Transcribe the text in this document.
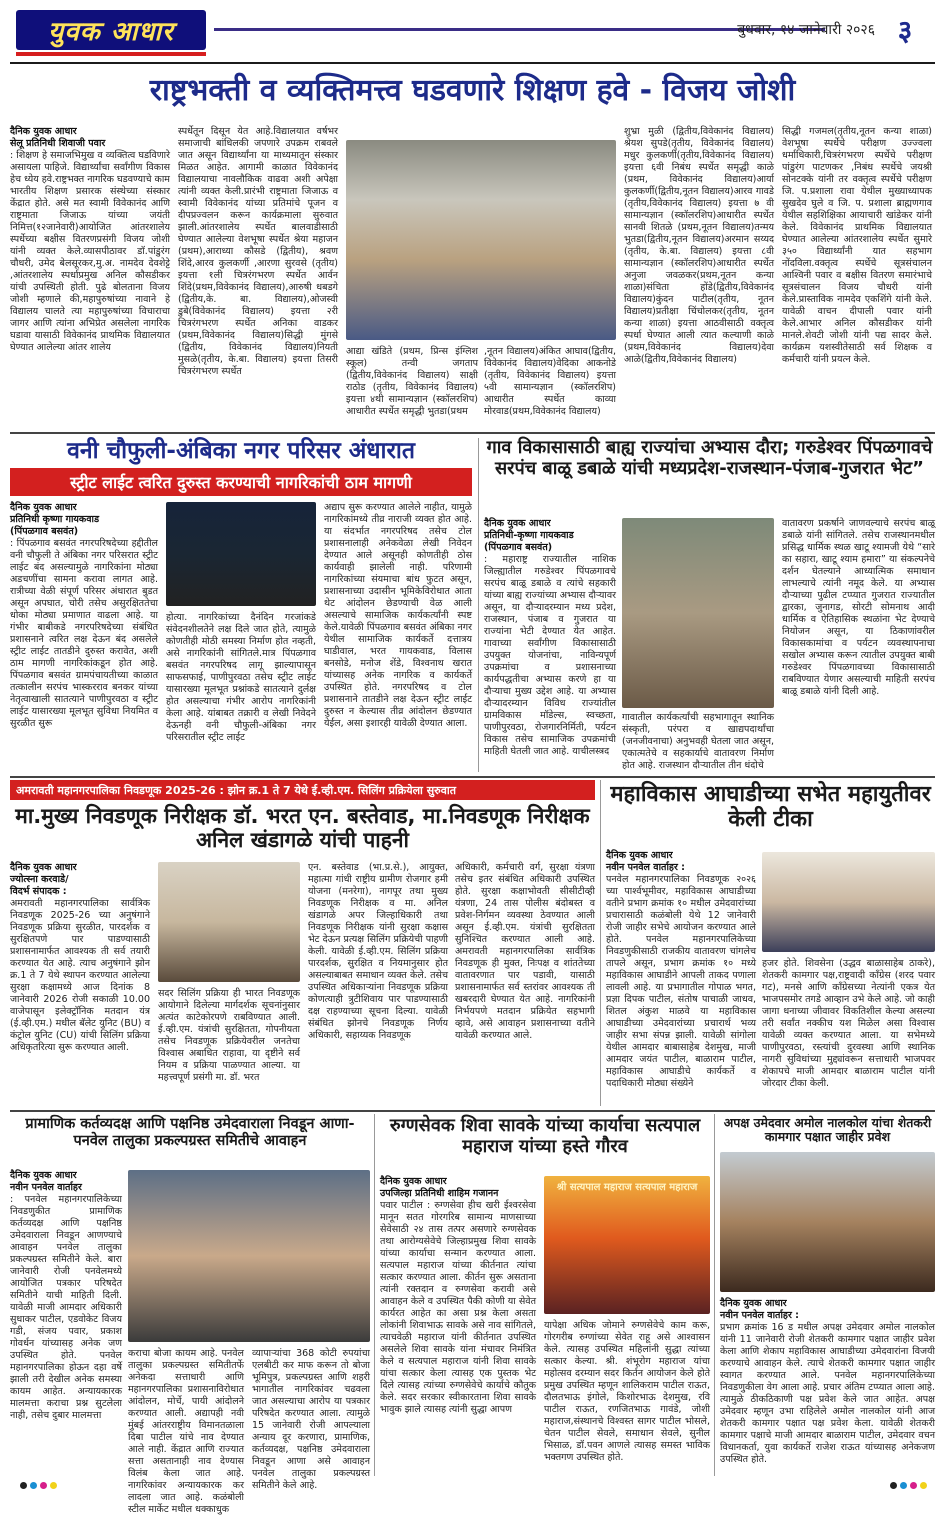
युवक आधार	बुधवार, १४ जानेवारी २०२६ ३
राष्ट्रभक्ती व व्यक्तिमत्त्व घडवणारे शिक्षण हवे - विजय जोशी
दैनिक युवक आधार
सेलू प्रतिनिधी शिवाजी पवार
: शिक्षण हे समाजभिमुख व व्यक्तित्व घडविणारे असायला पाहिजे. विद्यार्थ्यांचा सर्वांगीण विकास हेच ध्येय हवे.राष्ट्रभक्त नागरिक घडवण्याचे काम भारतीय शिक्षण प्रसारक संस्थेच्या संस्कार केंद्रात होते. असे मत स्वामी विवेकानंद आणि राष्ट्रमाता जिजाऊ यांच्या जयंती निमित्त(१२जानेवारी)आयोजित आंतरशालेय स्पर्धेच्या बक्षीस वितरणप्रसंगी विजय जोशी यांनी व्यक्त केले.व्यासपीठावर डॉ.पांडुरंग चौधरी, उमेद बेलसूरकर,मु.अ. नामदेव देवशेट्टे ,आंतरशालेय स्पर्धाप्रमुख अनिल कौसडीकर यांची उपस्थिती होती. पुढे बोलताना विजय जोशी म्हणाले की,महापुरुषांच्या नावाने हे विद्यालय चालते त्या महापुरुषांच्या विचाराचा जागर आणि त्यांना अभिप्रेत असलेला नागरिक घडावा यासाठी विवेकानंद प्राथमिक विद्यालयात घेण्यात आलेल्या आंतर शालेय
स्पर्धेतून दिसून येत आहे.विद्यालयात वर्षभर समाजाची बांधिलकी जपणारे उपक्रम राबवले जात असून विद्यार्थ्यांना या माध्यमातून संस्कार मिळत आहेत. आगामी काळात विवेकानंद विद्यालयाचा नावलौकिक वाढवा अशी अपेक्षा त्यांनी व्यक्त केली.प्रारंभी राष्ट्रमाता जिजाऊ व स्वामी विवेकानंद यांच्या प्रतिमांचे पूजन व दीपप्रज्वलन करून कार्यक्रमाला सुरुवात झाली.आंतरशालेय स्पर्धेत बालवाडीसाठी घेण्यात आलेल्या वेशभूषा स्पर्धेत श्रेया महाजन (प्रथम),आराध्या कौसडे (द्वितीय), श्रवण शिंदे,आरव कुलकर्णी ,आरणा सुरवसे (तृतीय) इयत्ता १ली चित्ररंगभरण स्पर्धेत आर्वन शिंदे(प्रथम,विवेकानंद विद्यालय),आरुषी धबडगे (द्वितीय,के. बा. विद्यालय),ओजस्वी डुबे(विवेकानंद विद्यालय) इयत्ता २री चित्ररंगभरण स्पर्धेत अनिका वाडकर (प्रथम,विवेकानंद विद्यालय)सिद्धी मुंगसे (द्वितीय, विवेकानंद विद्यालय)नियती मुसळे(तृतीय, के.बा. विद्यालय) इयत्ता तिसरी चित्ररंगभरण स्पर्धेत
आद्या खंडिते (प्रथम, प्रिन्स इंग्लिश स्कूल) तन्वी जगताप (द्वितीय,विवेकानंद विद्यालय) साक्षी राठोड (तृतीय, विवेकानंद विद्यालय) इयत्ता ४थी सामान्यज्ञान (स्कॉलरशिप) आधारीत स्पर्धेत समृद्धी भुतडा(प्रथम
,नूतन विद्यालय)अंकित आघाव(द्वितीय, विवेकानंद विद्यालय)वेदिका आकनोडे (तृतीय, विवेकानंद विद्यालय) इयत्ता ५वी सामान्यज्ञान (स्कॉलरशिप) आधारीत स्पर्धेत काव्या मोरवाड(प्रथम,विवेकानंद विद्यालय)
शुभ्रा मुळी (द्वितीय,विवेकानंद विद्यालय) श्रेयश सुपडे(तृतीय, विवेकानंद विद्यालय) मधुर कुलकर्णी(तृतीय,विवेकानंद विद्यालय) इयत्ता ६वी निबंध स्पर्धेत समृद्धी काळे (प्रथम, विवेकानंद विद्यालय)आर्या कुलकर्णी(द्वितीय,नूतन विद्यालय)आरव गावडे (तृतीय,विवेकानंद विद्यालय) इयत्ता ७ वी सामान्यज्ञान (स्कॉलरशिप)आधारीत स्पर्धेत सानवी शितळे (प्रथम,नूतन विद्यालय)तन्मय भुतडा(द्वितीय,नूतन विद्यालय)अरमान सय्यद (तृतीय, के.बा. विद्यालय) इयत्ता ८वी सामान्यज्ञान (स्कॉलरशिप)आधारीत स्पर्धेत अनुजा जवळकर(प्रथम,नूतन कन्या शाळा)संचिता होंडे(द्वितीय,विवेकानंद विद्यालय)कुंदन पाटील(तृतीय, नूतन विद्यालय)प्रतीक्षा चिंचोलकर(तृतीय, नूतन कन्या शाळा) इयत्ता आठवीसाठी वक्तृत्व स्पर्धा घेण्यात आली त्यात कल्याणी काळे (प्रथम,विवेकानंद विद्यालय)देवा आळे(द्वितीय,विवेकानंद विद्यालय)
सिद्धी गजमल(तृतीय,नूतन कन्या शाळा) वेशभूषा स्पर्धेचे परीक्षण उज्ज्वला धर्माधिकारी,चित्ररंगभरण स्पर्धेचे परीक्षण पांडुरंग पाटणकर ,निबंध स्पर्धेचे जयश्री सोनटक्के यांनी तर वक्तृत्व स्पर्धेचे परीक्षण जि. प.प्रशाला रावा येथील मुख्याध्यापक सुखदेव घुले व जि. प. प्रशाला ब्राह्मणगाव येथील सहशिक्षिका आयाचारी खांडेकर यांनी केले. विवेकानंद प्राथमिक विद्यालयात घेण्यात आलेल्या आंतरशालेय स्पर्धेत सुमारे ३५० विद्यार्थ्यांनी यात सहभाग नोंदविला.वक्तृत्व स्पर्धेचे सूत्रसंचालन आश्विनी पवार व बक्षीस वितरण समारंभाचे सूत्रसंचालन विजय चौधरी यांनी केले.प्रास्ताविक नामदेव एकशिंगे यांनी केले. यावेळी वाचन दीपाली पवार यांनी केले.आभार अनिल कौसडीकर यांनी मानले.शेवटी जोशी यांनी पद्य सादर केले. कार्यक्रम यशस्वीतेसाठी सर्व शिक्षक व कर्मचारी यांनी प्रयत्न केले.
वनी चौफुली-अंबिका नगर परिसर अंधारात
स्ट्रीट लाईट त्वरित दुरुस्त करण्याची नागरिकांची ठाम मागणी
दैनिक युवक आधार
प्रतिनिधी कृष्णा गायकवाड
(पिंपळगाव बसवंत)
: पिंपळगाव बसवंत नगरपरिषदेच्या हद्दीतील वनी चौफुली ते अंबिका नगर परिसरात स्ट्रीट लाईट बंद असल्यामुळे नागरिकांना मोठ्या अडचणींचा सामना करावा लागत आहे. रात्रीच्या वेळी संपूर्ण परिसर अंधारात बुडत असून अपघात, चोरी तसेच असुरक्षिततेचा धोका मोठ्या प्रमाणात वाढला आहे. या गंभीर बाबीकडे नगरपरिषदेच्या संबंधित प्रशासनाने त्वरित लक्ष देऊन बंद असलेले स्ट्रीट लाईट तातडीने दुरुस्त करावेत, अशी ठाम मागणी नागरिकांकडून होत आहे. पिंपळगाव बसवंत ग्रामपंचायतीच्या काळात तत्कालीन सरपंच भास्करराव बनकर यांच्या नेतृत्वाखाली सातत्याने पाणीपुरवठा व स्ट्रीट लाईट यासारख्या मूलभूत सुविधा नियमित व सुरळीत सुरू
होत्या. नागरिकांच्या दैनंदिन गरजांकडे संवेदनशीलतेने लक्ष दिले जात होते, त्यामुळे कोणतीही मोठी समस्या निर्माण होत नव्हती, असे नागरिकांनी सांगितले.मात्र पिंपळगाव बसवंत नगरपरिषद लागू झाल्यापासून साफसफाई, पाणीपुरवठा तसेच स्ट्रीट लाईट यासारख्या मूलभूत प्रश्नांकडे सातत्याने दुर्लक्ष होत असल्याचा गंभीर आरोप नागरिकांनी केला आहे. यांबाबत तक्रारी व लेखी निवेदने देऊनही वनी चौफुली-अंबिका नगर परिसरातील स्ट्रीट लाईट
अद्याप सुरू करण्यात आलेले नाहीत, यामुळे नागरिकांमध्ये तीव्र नाराजी व्यक्त होत आहे. या संदर्भात नगरपरिषद तसेच टोल प्रशासनालाही अनेकवेळा लेखी निवेदन देण्यात आले असूनही कोणतीही ठोस कार्यवाही झालेली नाही. परिणामी नागरिकांच्या संयमाचा बांध फुटत असून, प्रशासनाच्या उदासीन भूमिकेविरोधात आता थेट आंदोलन छेडण्याची वेळ आली असल्याचे सामाजिक कार्यकर्त्यांनी स्पष्ट केले.यावेळी पिंपळगाव बसवंत अंबिका नगर येथील सामाजिक कार्यकर्ते दत्तात्रय घाडीवाल, भरत गायकवाड, विलास बनसोडे, मनोज शेंडे, विश्वनाथ खरात यांच्यासह अनेक नागरिक व कार्यकर्ते उपस्थित होते. नगरपरिषद व टोल प्रशासनाने तातडीने लक्ष देऊन स्ट्रीट लाईट दुरुस्त न केल्यास तीव्र आंदोलन छेडण्यात येईल, असा इशारही यावेळी देण्यात आला.
गाव विकासासाठी बाह्य राज्यांचा अभ्यास दौरा; गरुडेश्वर पिंपळगावचे सरपंच बाळू डबाळे यांची मध्यप्रदेश-राजस्थान-पंजाब-गुजरात भेट”
दैनिक युवक आधार
प्रतिनिधी-कृष्णा गायकवाड
(पिंपळगाव बसवंत)
: महाराष्ट्र राज्यातील नाशिक जिल्ह्यातील गरुडेश्वर पिंपळगावचे सरपंच बाळू डबाळे व त्यांचे सहकारी यांच्या बाह्य राज्यांच्या अभ्यास दौऱ्यावर असून, या दौऱ्यादरम्यान मध्य प्रदेश, राजस्थान, पंजाब व गुजरात या राज्यांना भेटी देण्यात येत आहेत. गावाच्या सर्वांगीण विकासासाठी उपयुक्त योजनांचा, नाविन्यपूर्ण उपक्रमांचा व प्रशासनाच्या कार्यपद्धतीचा अभ्यास करणे हा या दौऱ्याचा मुख्य उद्देश आहे. या अभ्यास दौऱ्यादरम्यान विविध राज्यांतील ग्रामविकास मॉडेल्स, स्वच्छता, पाणीपुरवठा, रोजगारनिर्मिती, पर्यटन विकास तसेच सामाजिक उपक्रमांची माहिती घेतली जात आहे. याचीलस्त्रद
गावातील कार्यकर्त्यांची सहभागातून स्थानिक संस्कृती, परंपरा व खाद्यपदार्थांचा (जनजीवनाचा) अनुभवही घेतला जात असून, एकात्मतेचे व सहकार्याचे वातावरण निर्माण होत आहे. राजस्थान दौऱ्यातील तीन धंदोचे
वातावरण प्रकर्षाने जाणवल्याचे सरपंच बाळू डबाळे यांनी सांगितले. तसेच राजस्थानमधील प्रसिद्ध धार्मिक स्थळ खाटू श्यामजी येथे “सारे का सहारा, खाटू श्याम हमारा” या संकल्पनेचे दर्शन घेतल्याने आध्यात्मिक समाधान लाभल्याचे त्यांनी नमूद केले. या अभ्यास दौऱ्याच्या पुढील टप्प्यात गुजरात राज्यातील द्वारका, जुनागड, सोरटी सोमनाथ आदी धार्मिक व ऐतिहासिक स्थळांना भेट देण्याचे नियोजन असून, या ठिकाणांवरील विकासकामांचा व पर्यटन व्यवस्थापनाचा सखोल अभ्यास करून त्यातील उपयुक्त बाबी गरुडेश्वर पिंपळगावच्या विकासासाठी राबविण्यात येणार असल्याची माहिती सरपंच बाळू डबाळे यांनी दिली आहे.
अमरावती महानगरपालिका निवडणूक 2025-26 : झोन क्र.1 ते 7 येथे ई.व्ही.एम. सिलिंग प्रक्रियेला सुरुवात
मा.मुख्य निवडणूक निरीक्षक डॉ. भरत एन. बस्तेवाड, मा.निवडणूक निरीक्षक अनिल खंडागळे यांची पाहनी
दैनिक युवक आधार
ज्योत्स्ना करवाडे/
विदर्भ संपादक :
अमरावती महानगरपालिका सार्वत्रिक निवडणूक 2025-26 च्या अनुषंगाने निवडणूक प्रक्रिया सुरळीत, पारदर्शक व सुरक्षितपणे पार पाडण्यासाठी प्रशासनामार्फत आवश्यक ती सर्व तयारी करण्यात येत आहे. त्याच अनुषंगाने झोन क्र.1 ते 7 येथे स्थापन करण्यात आलेल्या सुरक्षा कक्षामध्ये आज दिनांक 8 जानेवारी 2026 रोजी सकाळी 10.00 वाजेपासून इलेक्ट्रॉनिक मतदान यंत्र (ई.व्ही.एम.) मधील बॅलेट युनिट (BU) व कंट्रोल युनिट (CU) यांची सिलिंग प्रक्रिया अधिकृतरित्या सुरू करण्यात आली.
सदर सिलिंग प्रक्रिया ही भारत निवडणूक आयोगाने दिलेल्या मार्गदर्शक सूचनांनुसार अत्यंत काटेकोरपणे राबविण्यात आली. ई.व्ही.एम. यंत्रांची सुरक्षितता, गोपनीयता तसेच निवडणूक प्रक्रियेवरील जनतेचा विश्वास अबाधित राहावा, या दृष्टीने सर्व नियम व प्रक्रिया पाळण्यात आल्या. या महत्त्वपूर्ण प्रसंगी मा. डॉ. भरत
एन. बस्तेवाड (भा.प्र.से.), आयुक्त, महात्मा गांधी राष्ट्रीय ग्रामीण रोजगार हमी योजना (मनरेगा), नागपूर तथा मुख्य निवडणूक निरीक्षक व मा. अनिल खंडागळे अपर जिल्हाधिकारी तथा निवडणूक निरीक्षक यांनी सुरक्षा कक्षास भेट देऊन प्रत्यक्ष सिलिंग प्रक्रियेची पाहणी केली. यावेळी ई.व्ही.एम. सिलिंग प्रक्रिया पारदर्शक, सुरक्षित व नियमानुसार होत असल्याबाबत समाधान व्यक्त केले. तसेच उपस्थित अधिकाऱ्यांना निवडणूक प्रक्रिया कोणत्याही त्रुटीशिवाय पार पाडण्यासाठी दक्ष राहण्याच्या सूचना दिल्या. यावेळी संबंधित झोनचे निवडणूक निर्णय अधिकारी, सहाय्यक निवडणूक
अधिकारी, कर्मचारी वर्ग, सुरक्षा यंत्रणा तसेच इतर संबंधित अधिकारी उपस्थित होते. सुरक्षा कक्षाभोवती सीसीटीव्ही यंत्रणा, 24 तास पोलीस बंदोबस्त व प्रवेश-निर्गमन व्यवस्था ठेवण्यात आली असून ई.व्ही.एम. यंत्रांची सुरक्षितता सुनिश्चित करण्यात आली आहे. अमरावती महानगरपालिका सार्वत्रिक निवडणूक ही मुक्त, निःपक्ष व शांततेच्या वातावरणात पार पडावी, यासाठी प्रशासनामार्फत सर्व स्तरांवर आवश्यक ती खबरदारी घेण्यात येत आहे. नागरिकांनी निर्भयपणे मतदान प्रक्रियेत सहभागी व्हावे, असे आवाहन प्रशासनाच्या वतीने यावेळी करण्यात आले.
महाविकास आघाडीच्या सभेत महायुतीवर केली टीका
दैनिक युवक आधार
नवीन पनवेल वार्ताहर :
पनवेल महानगरपालिका निवडणूक २०२६ च्या पार्श्वभूमीवर, महाविकास आघाडीच्या वतीने प्रभाग क्रमांक १० मधील उमेदवारांच्या प्रचारासाठी कळंबोली येथे 12 जानेवारी रोजी जाहीर सभेचे आयोजन करण्यात आले होते. पनवेल महानगरपालिकेच्या निवडणुकीसाठी राजकीय वातावरण चांगलेच तापले असून, प्रभाग क्रमांक १० मध्ये महाविकास आघाडीने आपली ताकद पणाला लावली आहे. या प्रभागातील गोपाळ भगत, प्रज्ञा दिपक पाटील, संतोष पाचाळी जाधव, शितल अंकुश माळवे या महाविकास आघाडीच्या उमेदवारांच्या प्रचारार्थ भव्य जाहीर सभा संपन्न झाली. यावेळी सांगोला येथील आमदार बाबासाहेब देशमुख, माजी आमदार जयंत पाटील, बाळाराम पाटील, महाविकास आघाडीचे कार्यकर्ते व पदाधिकारी मोठ्या संख्येने
हजर होते. शिवसेना (उद्धव बाळासाहेब ठाकरे), शेतकरी कामगार पक्ष,राष्ट्रवादी काँग्रेस (शरद पवार गट), मनसे आणि काँग्रेसच्या नेत्यांनी एकत्र येत भाजपसमोर तगडे आव्हान उभे केले आहे. जो काही जागा धनाच्या जीवावर विकतिशील केल्या असल्या तरी सर्वांत नक्कीच यश मिळेल असा विश्वास यावेळी व्यक्त करण्यात आला. या सभेमध्ये पाणीपुरवठा, रस्त्यांची दुरवस्था आणि स्थानिक नागरी सुविधांच्या मुद्द्यांवरून सत्ताधारी भाजपवर शेकापचे माजी आमदार बाळाराम पाटील यांनी जोरदार टीका केली.
प्रामाणिक कर्तव्यदक्ष आणि पक्षनिष्ठ उमेदवाराला निवडून आणा-पनवेल तालुका प्रकल्पग्रस्त समितीचे आवाहन
दैनिक युवक आधार
नवीन पनवेल वार्ताहर
: पनवेल महानगरपालिकेच्या निवडणुकीत प्रामाणिक कर्तव्यदक्ष आणि पक्षनिष्ठ उमेदवाराला निवडून आणण्याचे आवाहन पनवेल तालुका प्रकल्पग्रस्त समितीने केले. बारा जानेवारी रोजी पनवेलमध्ये आयोजित पत्रकार परिषदेत समितीने याची माहिती दिली. यावेळी माजी आमदार अधिकारी सुधाकर पाटील, एडवोकेट विजय गडी, संजय पवार, प्रकाश गोवर्धन यांच्यासह अनेक जण उपस्थित होते. पनवेल महानगरपालिका होऊन दहा वर्षे झाली तरी देखील अनेक समस्या कायम आहेत. अन्यायकारक मालमत्ता कराचा प्रश्न सुटलेला नाही, तसेच दुबार मालमत्ता
कराचा बोजा कायम आहे. पनवेल तालुका प्रकल्पग्रस्त समितीतर्फे अनेकदा सत्ताधारी आणि महानगरपालिका प्रशासनाविरोधात आंदोलन, मोर्चे, पायी आंदोलने करण्यात आली. अद्यापही नवी मुंबई आंतरराष्ट्रीय विमानतळाला दिबा पाटील यांचे नाव देण्यात आले नाही. केंद्रात आणि राज्यात सत्ता असतानाही नाव देण्यास विलंब केला जात आहे. नागरिकांवर अन्यायकारक कर लादला जात आहे. कळंबोली स्टील मार्केट मधील धक्काधुक
व्यापाऱ्यांचा 368 कोटी रुपयांचा एलबीटी कर माफ करून तो बोजा भूमिपुत्र, प्रकल्पग्रस्त आणि शहरी भागातील नागरिकांवर चढवला जात असल्याचा आरोप या पत्रकार परिषदेत करण्यात आला. त्यामुळे 15 जानेवारी रोजी आपल्याला अन्याय दूर करणारा, प्रामाणिक, कर्तव्यदक्ष, पक्षनिष्ठ उमेदवाराला निवडून आणा असे आवाहन पनवेल तालुका प्रकल्पग्रस्त समितीने केले आहे.
रुग्णसेवक शिवा सावके यांच्या कार्याचा सत्यपाल महाराज यांच्या हस्ते गौरव
दैनिक युवक आधार
उपजिल्हा प्रतिनिधी शाहिम गजानन
पवार पाटील : रुग्णसेवा हीच खरी ईश्वरसेवा मानून सतत गोरगरिब सामान्य माणसाच्या सेवेसाठी २४ तास तत्पर असणारे रुग्णसेवक तथा आरोग्यसेवेचे जिल्हाप्रमुख शिवा सावके यांच्या कार्याचा सन्मान करण्यात आला. सत्यपाल महाराज यांच्या कीर्तनात त्यांचा सत्कार करण्यात आला. कीर्तन सुरू असताना त्यांनी रक्तदान व रुग्णसेवा करावी असे आवाहन केले व उपस्थित पैकी कोणी या सेवेत कार्यरत आहेत का असा प्रश्न केला असता लोकांनी शिवाभाऊ सावके असे नाव सांगितले, त्याचवेळी महाराज यांनी कीर्तनात उपस्थित असलेले शिवा सावके यांना मंचावर निमंत्रित केले व सत्यपाल महाराज यांनी शिवा सावके यांचा सत्कार केला त्यासह एक पुस्तक भेट दिले त्यासह त्यांच्या रुग्णसेवेचे कार्याचे कौतुक केले. सदर सरकार स्वीकारताना शिवा सावके भावुक झाले त्यासह त्यांनी सुद्धा आपण
श्री सत्यपाल महाराज सत्यपाल महाराज
यापेक्षा अधिक जोमाने रुग्णसेवेचे काम करू, गोरगरीब रुग्णांच्या सेवेत राहू असे आश्वासन केले. त्यासह उपस्थित महिलांनी सुद्धा त्यांच्या सत्कार केल्या. श्री. शंभूरोग महाराज यांचा महोत्सव दरम्यान सदर किर्तन आयोजन केले होते प्रमुख उपस्थित म्हणून शालिकराम पाटील राऊत, दौलतभाऊ इंगोले, किशोरभाऊ देशमुख, रवि पाटील राऊत, रणजितभाऊ गावंडे, जोशी महाराज,संस्थानचे विश्वस्त सागर पाटील भोसले, चेतन पाटील सेवले, समाधान सेवले, सुनील भिसाळ, डॉ.पवन आणले त्यासह समस्त भाविक भक्तगण उपस्थित होते.
अपक्ष उमेदवार अमोल नालकोल यांचा शेतकरी कामगार पक्षात जाहीर प्रवेश
दैनिक युवक आधार
नवीन पनवेल वार्ताहर :
प्रभाग क्रमांक 16 ड मधील अपक्ष उमेदवार अमोल नालकोल यांनी 11 जानेवारी रोजी शेतकरी कामगार पक्षात जाहीर प्रवेश केला आणि शेकाप महाविकास आघाडीच्या उमेदवारांना विजयी करण्याचे आवाहन केले. त्याचे शेतकरी कामगार पक्षात जाहीर स्वागत करण्यात आले. पनवेल महानगरपालिकेच्या निवडणुकीला वेग आला आहे. प्रचार अंतिम टप्प्यात आला आहे. त्यामुळे ठीकठिकाणी पक्ष प्रवेश केले जात आहेत. अपक्ष उमेदवार म्हणून उभा राहिलेले अमोल नालकोल यांनी आज शेतकरी कामगार पक्षात पक्ष प्रवेश केला. यावेळी शेतकरी कामगार पक्षाचे माजी आमदार बाळाराम पाटील, उमेदवार वचन विधानकर्ता, युवा कार्यकर्ते राजेश राऊत यांच्यासह अनेकजण उपस्थित होते.
